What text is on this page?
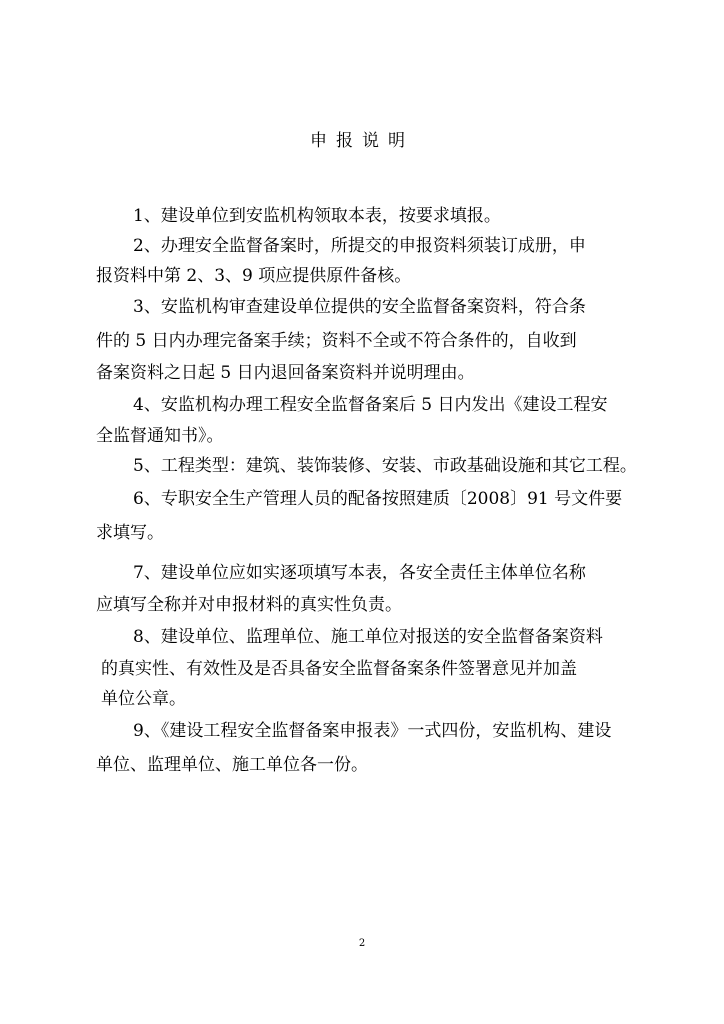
申报说明
1、建设单位到安监机构领取本表，按要求填报。
2、办理安全监督备案时，所提交的申报资料须装订成册，申
报资料中第 2、3、9 项应提供原件备核。
3、安监机构审查建设单位提供的安全监督备案资料，符合条
件的 5 日内办理完备案手续；资料不全或不符合条件的，自收到
备案资料之日起 5 日内退回备案资料并说明理由。
4、安监机构办理工程安全监督备案后 5 日内发出《建设工程安
全监督通知书》。
5、工程类型：建筑、装饰装修、安装、市政基础设施和其它工程。
6、专职安全生产管理人员的配备按照建质〔2008〕91 号文件要
求填写。
7、建设单位应如实逐项填写本表，各安全责任主体单位名称
应填写全称并对申报材料的真实性负责。
8、建设单位、监理单位、施工单位对报送的安全监督备案资料
的真实性、有效性及是否具备安全监督备案条件签署意见并加盖
单位公章。
9、《建设工程安全监督备案申报表》一式四份，安监机构、建设
单位、监理单位、施工单位各一份。
2
